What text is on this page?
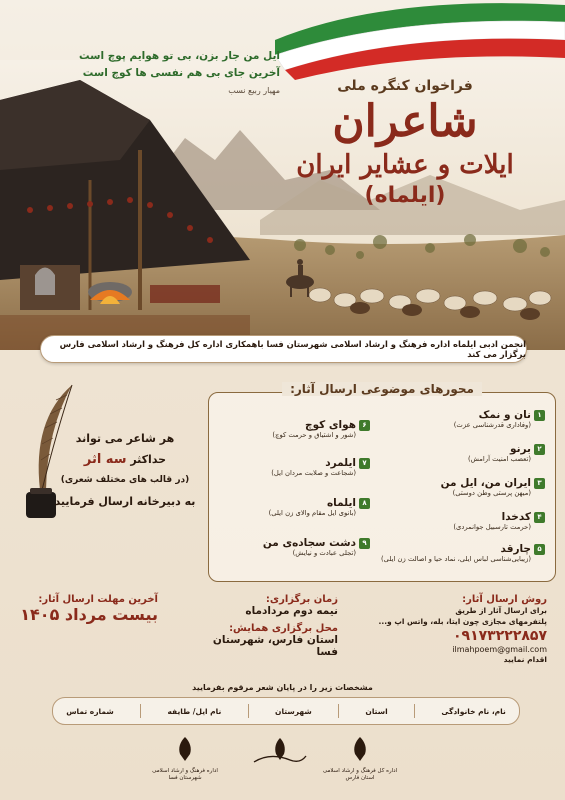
ایل من جار بزن، بی تو هوایم پوچ است
آخرین جای بی هم نفسی ها کوچ است
مهیار ربیع نسب	فراخوان کنگره ملی
شاعران
ایلات و عشایر ایران
(ایلماه)
انجمن ادبی ایلماه اداره فرهنگ و ارشاد اسلامی شهرستان فسا باهمکاری اداره کل فرهنگ و ارشاد اسلامی فارس برگزار می کند
هر شاعر می تواند
حداکثر سه اثر
(در قالب های مختلف شعری)
به دبیرخانه ارسال فرمایید
محورهای موضوعی ارسال آثار:
۱نان و نمک
(وفاداری قدرشناسی عزت)
۲برنو
(تعصب امنیت آرامش)
۳ایران من، ایل من
(میهن پرستی وطن دوستی)
۴کدخدا
(حرمت تارسبیل جوانمردی)
۵چارقد
(زیبایی‌شناسی لباس ایلی، نماد حیا و اصالت زن ایلی)
۶هوای کوچ
(شور و اشتیاق و حرمت کوچ)
۷ایلمرد
(شجاعت و صلابت مردان ایل)
۸ایلماه
(بانوی ایل مقام والای زن ایلی)
۹دشت سجاده‌ی من
(تجلی عبادت و نیایش)
روش ارسال آثار:
برای ارسال آثار از طریق
پلتفرمهای مجازی چون ایتا، بله، واتس اپ و...
۰۹۱۷۳۲۲۲۸۵۷
ilmahpoem@gmail.com
اقدام نمایید
زمان برگزاری:
نیمه دوم مردادماه
محل برگزاری همایش:
استان فارس، شهرستان فسا
آخرین مهلت ارسال آثار:
بیست مرداد ۱۴۰۵
مشخصات زیر را در پایان شعر مرقوم بفرمایید
نام، نام خانوادگی
استان
شهرستان
نام ایل/ طایفه
شماره تماس
اداره کل فرهنگ و ارشاد اسلامی استان فارس
اداره فرهنگ و ارشاد اسلامی شهرستان فسا
